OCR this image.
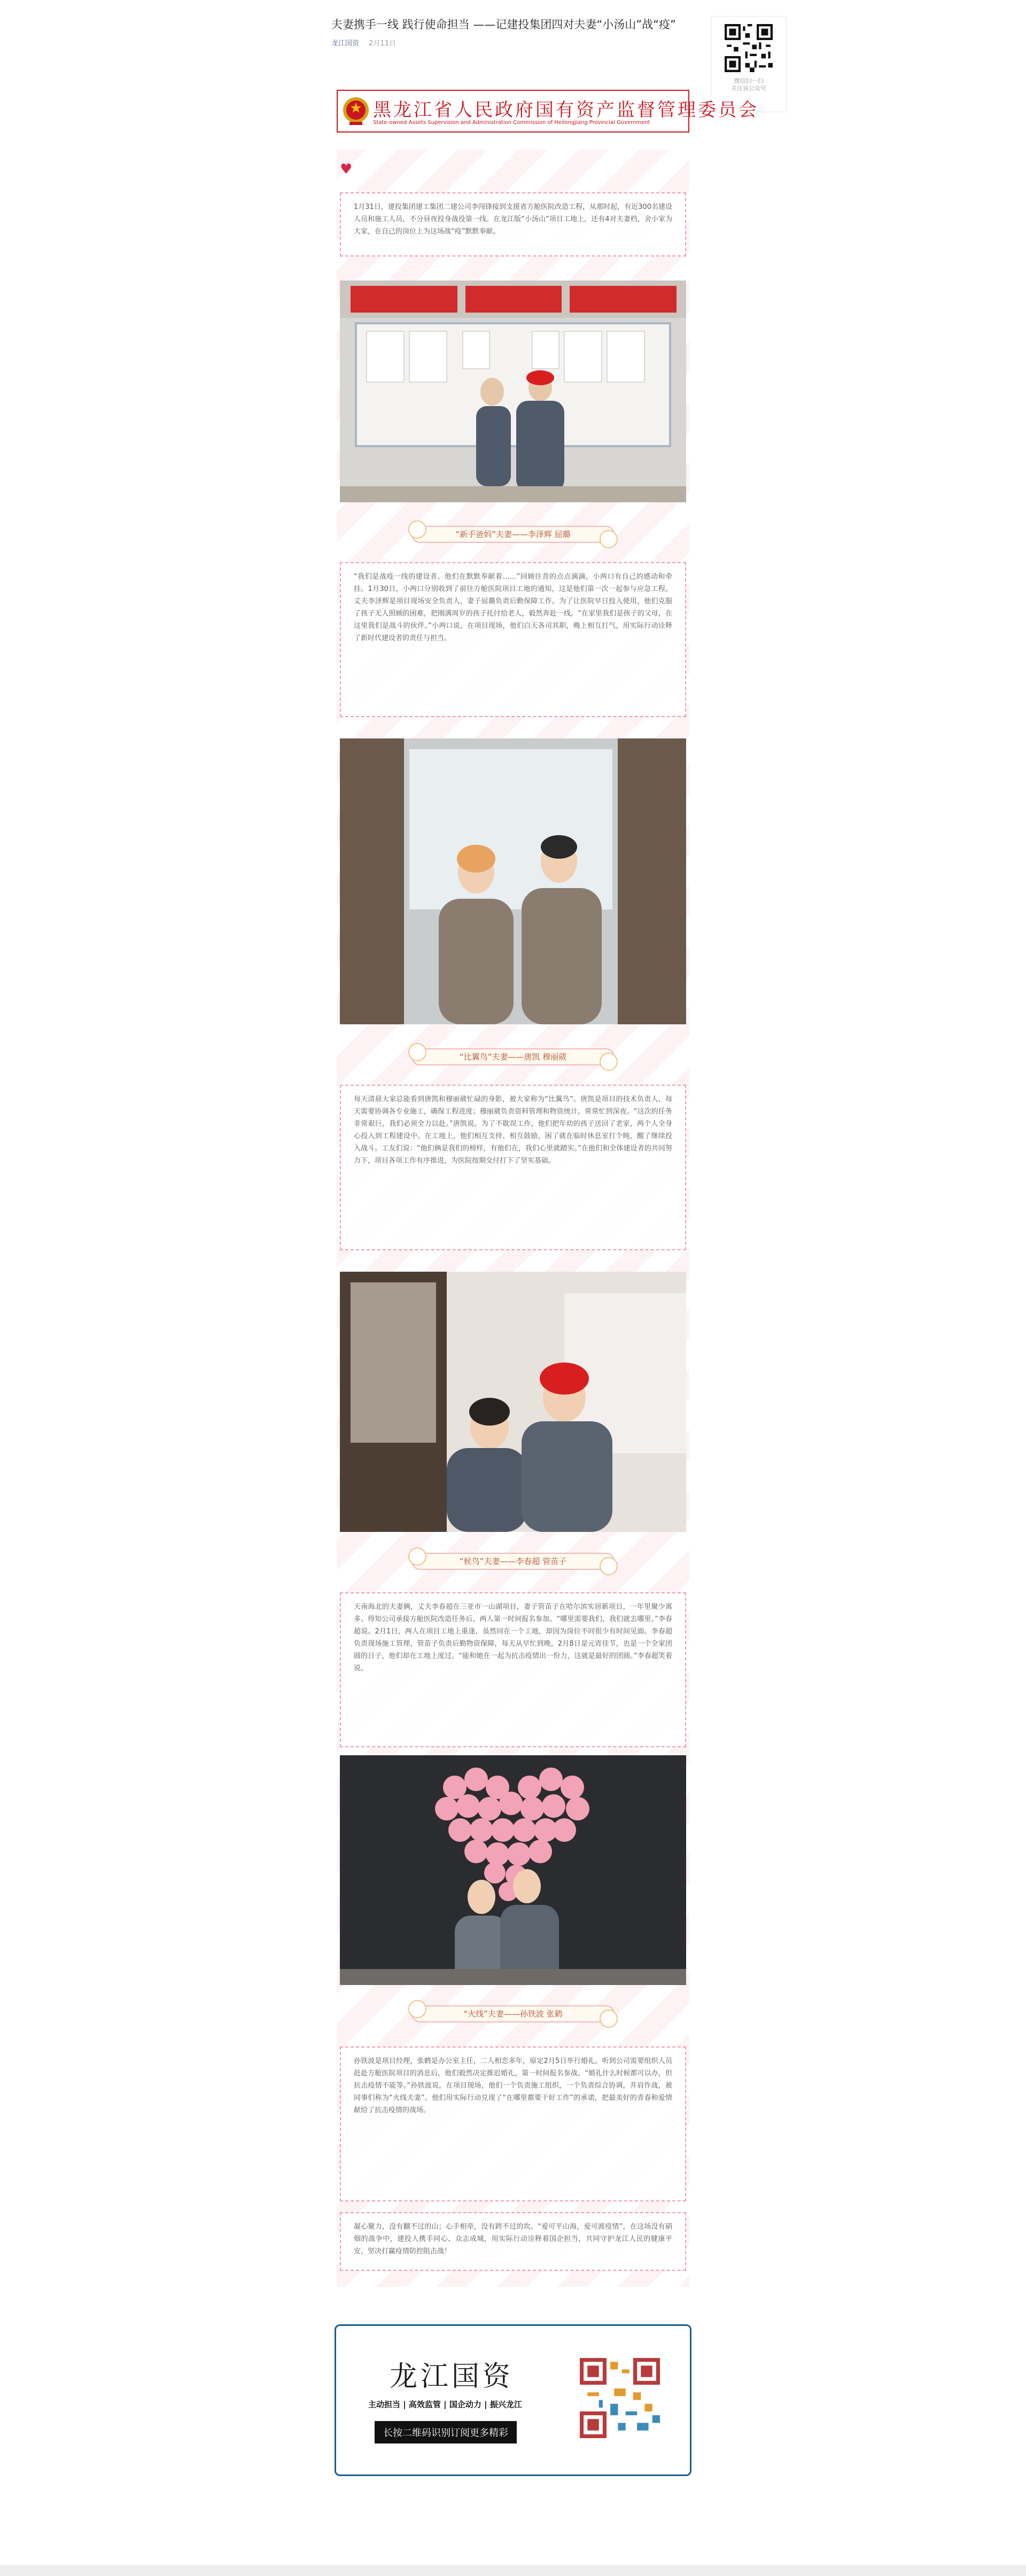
夫妻携手一线 践行使命担当 ——记建投集团四对夫妻“小汤山”战“疫”
龙江国资 2月11日
微信扫一扫
关注该公众号
黑龙江省人民政府国有资产监督管理委员会
State-owned Assets Supervision and Administration Commission of Heilongjiang Provincial Government
♥
1月31日，建投集团建工集团二建公司李闯锋接到支援省方舱医院改造工程，从那时起，有近300名建设人员和施工人员，不分昼夜投身战役第一线。在龙江版“小汤山”项目工地上，还有4对夫妻档，舍小家为大家，在自己的岗位上为这场战“疫”默默奉献。
“新手爸妈”夫妻——李泽辉 屈璐
“我们是战疫一线的建设者、他们在默默奉献着……”回顾往昔的点点滴滴，小两口有自己的感动和牵挂。1月30日，小两口分别收到了前往方舱医院项目工地的通知，这是他们第一次一起参与应急工程。丈夫李泽辉是项目现场安全负责人，妻子屈璐负责后勤保障工作。为了让医院早日投入使用，他们克服了孩子无人照顾的困难，把刚满周岁的孩子托付给老人，毅然奔赴一线。“在家里我们是孩子的父母，在这里我们是战斗的伙伴。”小两口说。在项目现场，他们白天各司其职，晚上相互打气，用实际行动诠释了新时代建设者的责任与担当。
“比翼鸟”夫妻——唐凯 穆丽葳
每天清晨大家总能看到唐凯和穆丽葳忙碌的身影，被大家称为“比翼鸟”。唐凯是项目的技术负责人，每天需要协调各专业施工，确保工程进度；穆丽葳负责资料管理和物资统计，常常忙到深夜。“这次的任务非常艰巨，我们必须全力以赴。”唐凯说。为了不耽误工作，他们把年幼的孩子送回了老家，两个人全身心投入到工程建设中。在工地上，他们相互支持、相互鼓励，困了就在临时休息室打个盹，醒了继续投入战斗。工友们说：“他们俩是我们的榜样，有他们在，我们心里就踏实。”在他们和全体建设者的共同努力下，项目各项工作有序推进，为医院按期交付打下了坚实基础。
“候鸟”夫妻——李春超 管苗子
天南海北的夫妻俩，丈夫李春超在三亚市一山湖项目，妻子管苗子在哈尔滨实居新项目，一年里聚少离多。得知公司承接方舱医院改造任务后，两人第一时间报名参加。“哪里需要我们，我们就去哪里。”李春超说。2月1日，两人在项目工地上重逢，虽然同在一个工地，却因为岗位不同很少有时间见面。李春超负责现场施工管理，管苗子负责后勤物资保障，每天从早忙到晚。2月8日是元宵佳节，也是一个全家团圆的日子，他们却在工地上度过。“能和她在一起为抗击疫情出一份力，这就是最好的团圆。”李春超笑着说。
“火线”夫妻——孙铁波 张鹤
孙铁波是项目经理，张鹤是办公室主任，二人相恋多年，原定2月5日举行婚礼。听到公司需要组织人员赶赴方舱医院项目的消息后，他们毅然决定推迟婚礼，第一时间报名参战。“婚礼什么时候都可以办，但抗击疫情不能等。”孙铁波说。在项目现场，他们一个负责施工组织，一个负责综合协调，并肩作战，被同事们称为“火线夫妻”。他们用实际行动兑现了“在哪里都要干好工作”的承诺，把最美好的青春和爱情献给了抗击疫情的战场。
凝心聚力，没有翻不过的山；心手相牵，没有跨不过的坎。“爱可平山海，爱可渡疫情”，在这场没有硝烟的战争中，建投人携手同心、众志成城，用实际行动诠释着国企担当，共同守护龙江人民的健康平安，坚决打赢疫情防控阻击战！
龙江国资
主动担当 | 高效监管 | 国企动力 | 振兴龙江
长按二维码识别订阅更多精彩
